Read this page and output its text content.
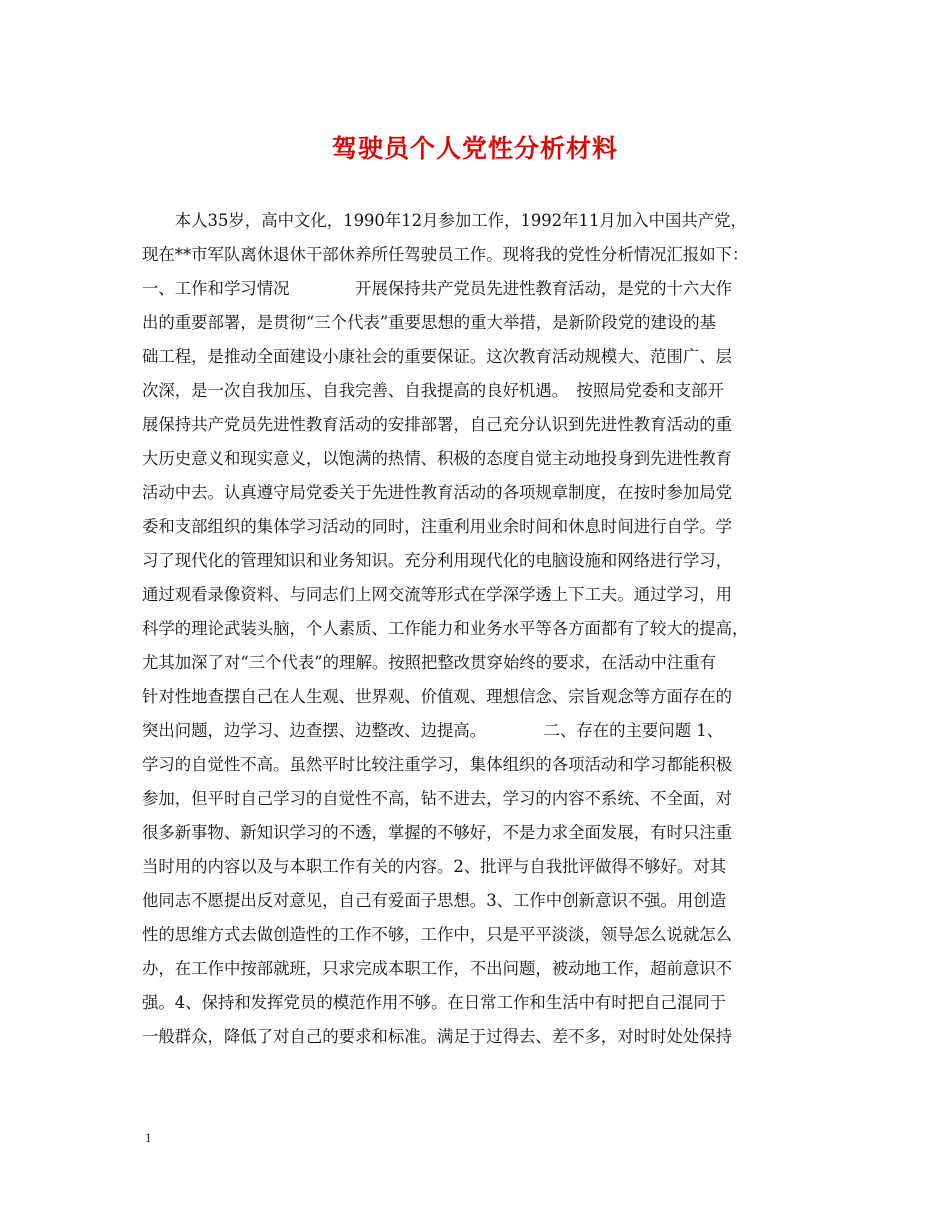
驾驶员个人党性分析材料
　　本人35岁，高中文化，1990年12月参加工作，1992年11月加入中国共产党，
现在**市军队离休退休干部休养所任驾驶员工作。现将我的党性分析情况汇报如下：
一、工作和学习情况　　　　开展保持共产党员先进性教育活动，是党的十六大作
出的重要部署，是贯彻“三个代表”重要思想的重大举措，是新阶段党的建设的基
础工程，是推动全面建设小康社会的重要保证。这次教育活动规模大、范围广、层
次深，是一次自我加压、自我完善、自我提高的良好机遇。　按照局党委和支部开
展保持共产党员先进性教育活动的安排部署，自己充分认识到先进性教育活动的重
大历史意义和现实意义，以饱满的热情、积极的态度自觉主动地投身到先进性教育
活动中去。认真遵守局党委关于先进性教育活动的各项规章制度，在按时参加局党
委和支部组织的集体学习活动的同时，注重利用业余时间和休息时间进行自学。学
习了现代化的管理知识和业务知识。充分利用现代化的电脑设施和网络进行学习，
通过观看录像资料、与同志们上网交流等形式在学深学透上下工夫。通过学习，用
科学的理论武装头脑，个人素质、工作能力和业务水平等各方面都有了较大的提高，
尤其加深了对“三个代表”的理解。按照把整改贯穿始终的要求，在活动中注重有
针对性地查摆自己在人生观、世界观、价值观、理想信念、宗旨观念等方面存在的
突出问题，边学习、边查摆、边整改、边提高。　　　　二、存在的主要问题 1、
学习的自觉性不高。虽然平时比较注重学习，集体组织的各项活动和学习都能积极
参加，但平时自己学习的自觉性不高，钻不进去，学习的内容不系统、不全面，对
很多新事物、新知识学习的不透，掌握的不够好，不是力求全面发展，有时只注重
当时用的内容以及与本职工作有关的内容。2、批评与自我批评做得不够好。对其
他同志不愿提出反对意见，自己有爱面子思想。3、工作中创新意识不强。用创造
性的思维方式去做创造性的工作不够，工作中，只是平平淡淡，领导怎么说就怎么
办，在工作中按部就班，只求完成本职工作，不出问题，被动地工作，超前意识不
强。4、保持和发挥党员的模范作用不够。在日常工作和生活中有时把自己混同于
一般群众，降低了对自己的要求和标准。满足于过得去、差不多，对时时处处保持
1
